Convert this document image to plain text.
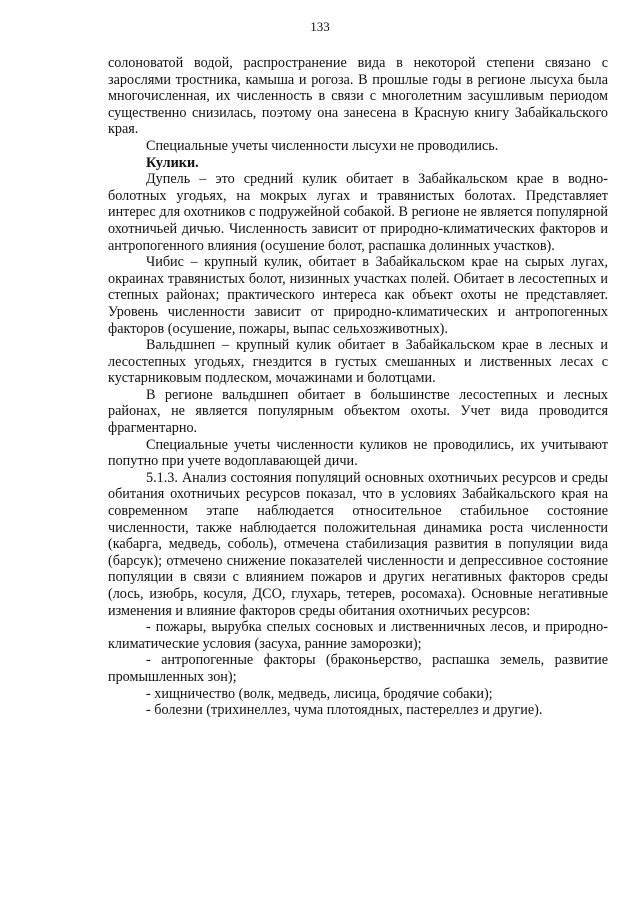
133

солоноватой водой, распространение вида в некоторой степени связано с зарослями тростника, камыша и рогоза. В прошлые годы в регионе лысуха была многочисленная, их численность в связи с многолетним засушливым периодом существенно снизилась, поэтому она занесена в Красную книгу Забайкальского края.

Специальные учеты численности лысухи не проводились.

Кулики.

Дупель – это средний кулик обитает в Забайкальском крае в водно-болотных угодьях, на мокрых лугах и травянистых болотах. Представляет интерес для охотников с подружейной собакой. В регионе не является популярной охотничьей дичью. Численность зависит от природно-климатических факторов и антропогенного влияния (осушение болот, распашка долинных участков).

Чибис – крупный кулик, обитает в Забайкальском крае на сырых лугах, окраинах травянистых болот, низинных участках полей. Обитает в лесостепных и степных районах; практического интереса как объект охоты не представляет. Уровень численности зависит от природно-климатических и антропогенных факторов (осушение, пожары, выпас сельхозживотных).

Вальдшнеп – крупный кулик обитает в Забайкальском крае в лесных и лесостепных угодьях, гнездится в густых смешанных и лиственных лесах с кустарниковым подлеском, мочажинами и болотцами.

В регионе вальдшнеп обитает в большинстве лесостепных и лесных районах, не является популярным объектом охоты. Учет вида проводится фрагментарно.

Специальные учеты численности куликов не проводились, их учитывают попутно при учете водоплавающей дичи.

5.1.3. Анализ состояния популяций основных охотничьих ресурсов и среды обитания охотничьих ресурсов показал, что в условиях Забайкальского края на современном этапе наблюдается относительное стабильное состояние численности, также наблюдается положительная динамика роста численности (кабарга, медведь, соболь), отмечена стабилизация развития в популяции вида (барсук); отмечено снижение показателей численности и депрессивное состояние популяции в связи с влиянием пожаров и других негативных факторов среды (лось, изюбрь, косуля, ДСО, глухарь, тетерев, росомаха). Основные негативные изменения и влияние факторов среды обитания охотничьих ресурсов:

- пожары, вырубка спелых сосновых и лиственничных лесов, и природно-климатические условия (засуха, ранние заморозки);

- антропогенные факторы (браконьерство, распашка земель, развитие промышленных зон);

- хищничество (волк, медведь, лисица, бродячие собаки);

- болезни (трихинеллез, чума плотоядных, пастереллез и другие).
